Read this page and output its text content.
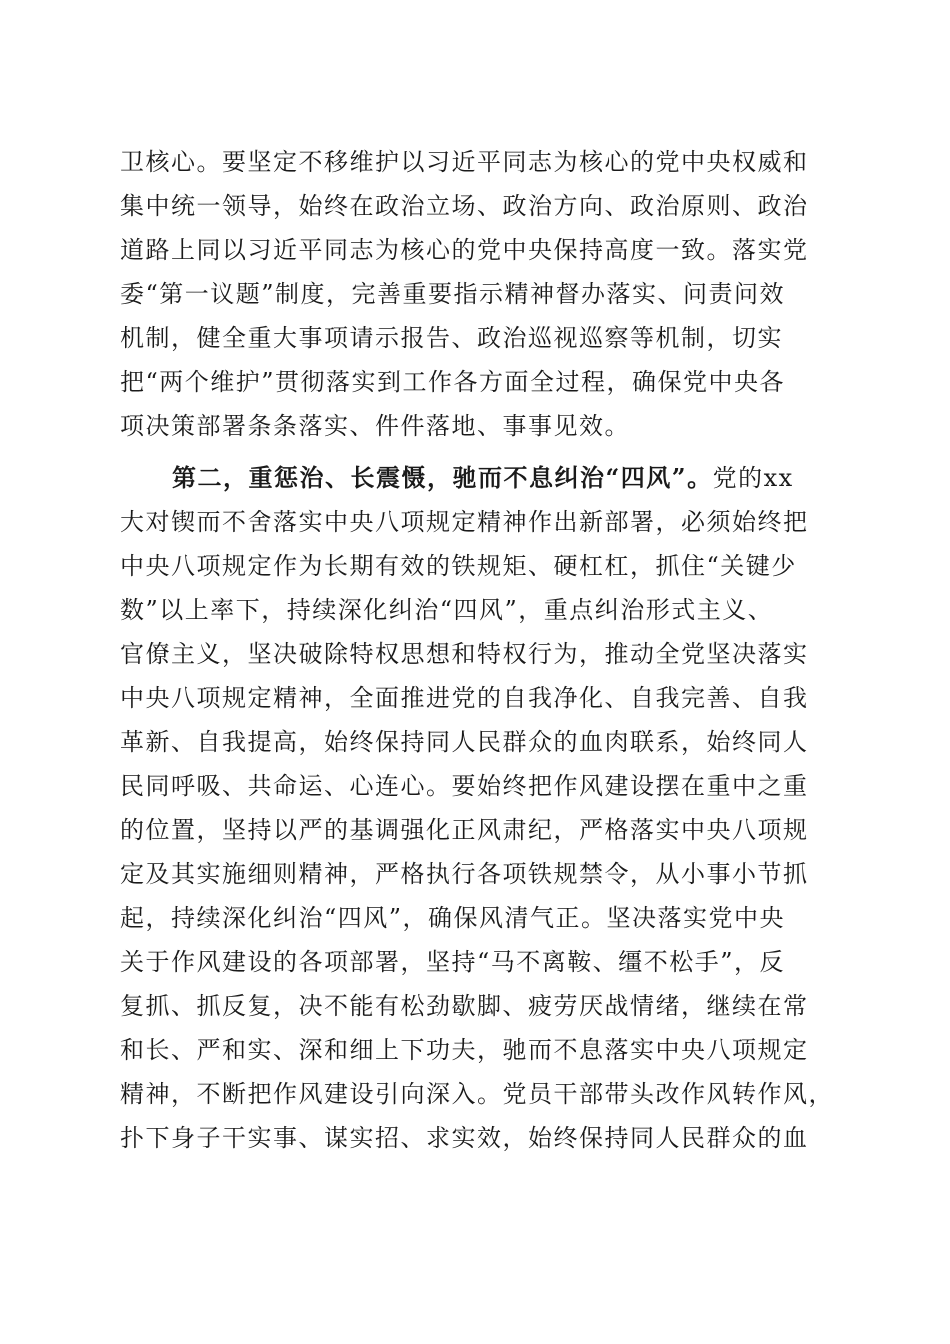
卫核心。要坚定不移维护以习近平同志为核心的党中央权威和
集中统一领导，始终在政治立场、政治方向、政治原则、政治
道路上同以习近平同志为核心的党中央保持高度一致。落实党
委“第一议题”制度，完善重要指示精神督办落实、问责问效
机制，健全重大事项请示报告、政治巡视巡察等机制，切实
把“两个维护”贯彻落实到工作各方面全过程，确保党中央各
项决策部署条条落实、件件落地、事事见效。
第二，重惩治、长震慑，驰而不息纠治“四风”。党的xx
大对锲而不舍落实中央八项规定精神作出新部署，必须始终把
中央八项规定作为长期有效的铁规矩、硬杠杠，抓住“关键少
数”以上率下，持续深化纠治“四风”，重点纠治形式主义、
官僚主义，坚决破除特权思想和特权行为，推动全党坚决落实
中央八项规定精神，全面推进党的自我净化、自我完善、自我
革新、自我提高，始终保持同人民群众的血肉联系，始终同人
民同呼吸、共命运、心连心。要始终把作风建设摆在重中之重
的位置，坚持以严的基调强化正风肃纪，严格落实中央八项规
定及其实施细则精神，严格执行各项铁规禁令，从小事小节抓
起，持续深化纠治“四风”，确保风清气正。坚决落实党中央
关于作风建设的各项部署，坚持“马不离鞍、缰不松手”，反
复抓、抓反复，决不能有松劲歇脚、疲劳厌战情绪，继续在常
和长、严和实、深和细上下功夫，驰而不息落实中央八项规定
精神，不断把作风建设引向深入。党员干部带头改作风转作风，
扑下身子干实事、谋实招、求实效，始终保持同人民群众的血
